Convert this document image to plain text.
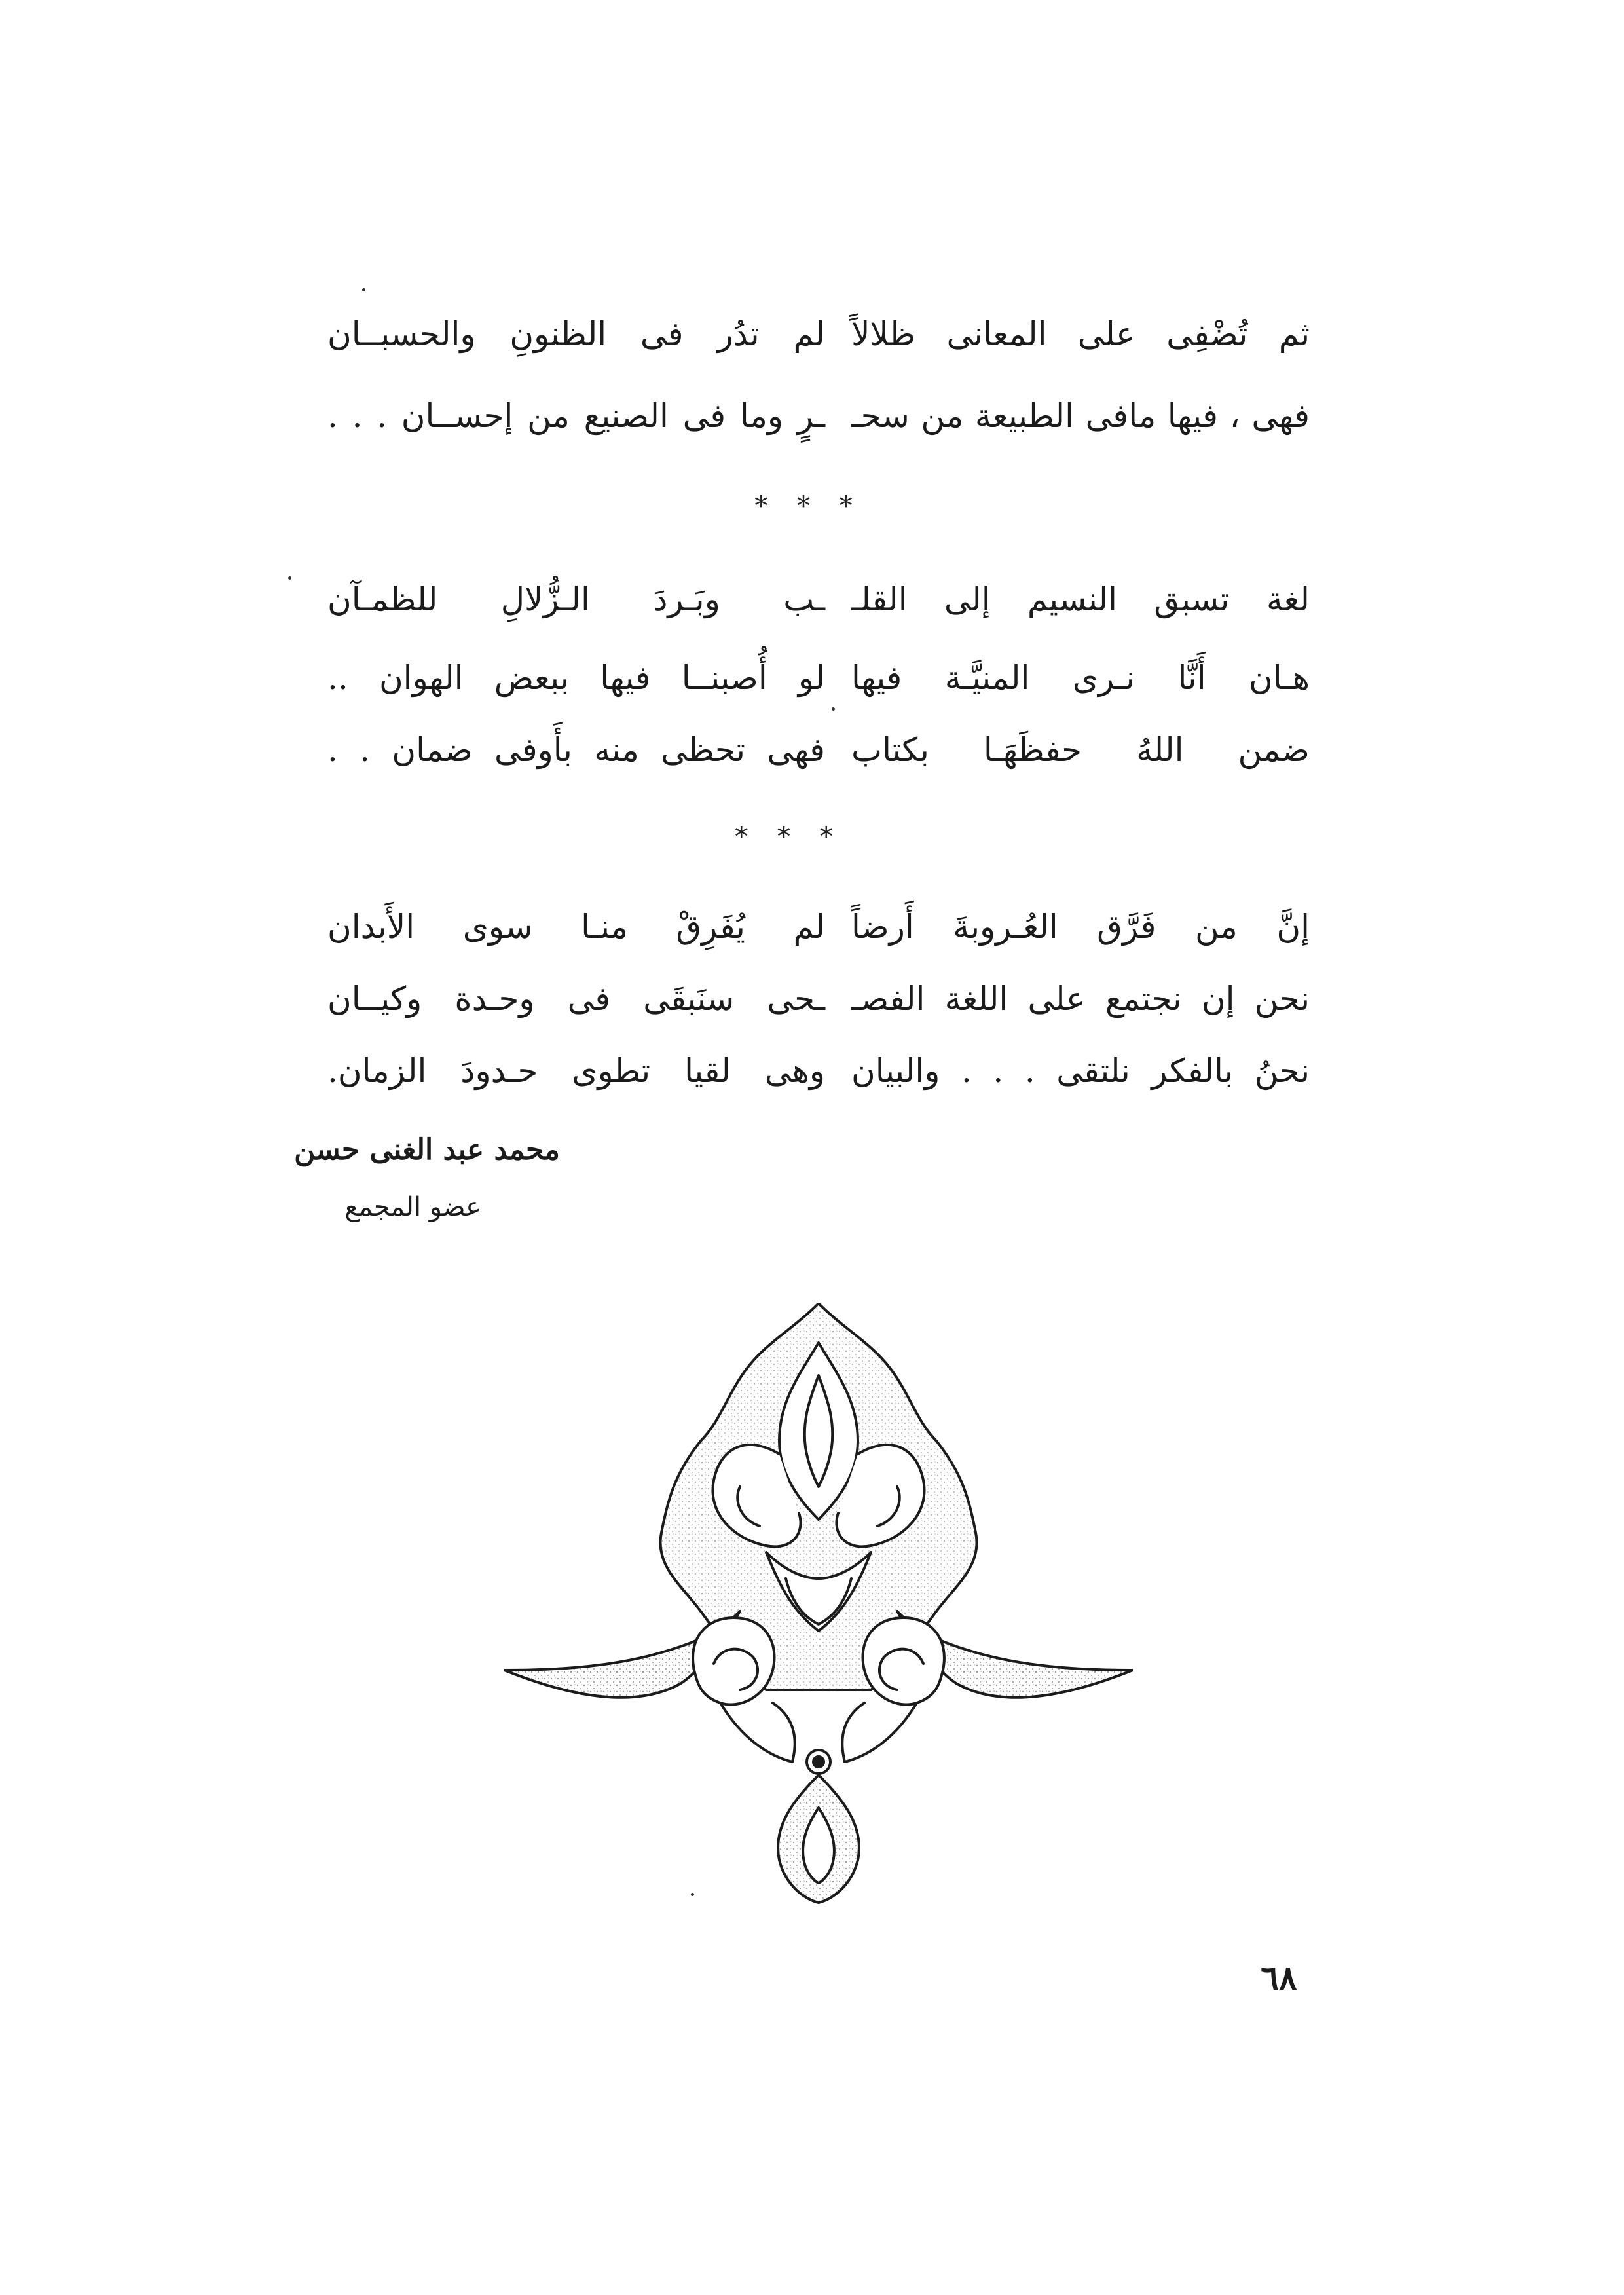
ثم تُضْفِى على المعانى ظلالاً
لم تدُر فى الظنونِ والحسبــان
فهى ، فيها مافى الطبيعة من سحـ
ـرٍ وما فى الصنيع من إحســان . . .
* * *
لغة تسبق النسيم إلى القلـ
ـب وبَـردَ الـزُّلالِ للظمـآن
هـان أَنَّا نـرى المنيَّـة فيها
لو أُصبنــا فيها ببعض الهوان ..
ضمن اللهُ حفظَهَـا بكتاب
فهى تحظى منه بأَوفى ضمان . .
* * *
إنَّ من فَرَّق العُـروبةَ أَرضاً
لم يُفَرِقْ منـا سوى الأَبدان
نحن إن نجتمع على اللغة الفصـ
ـحى سنَبقَى فى وحـدة وكيــان
نحنُ بالفكر نلتقى . . . والبيان
وهى لقيا تطوى حـدودَ الزمان.
محمد عبد الغنى حسن
عضو المجمع
٦٨
